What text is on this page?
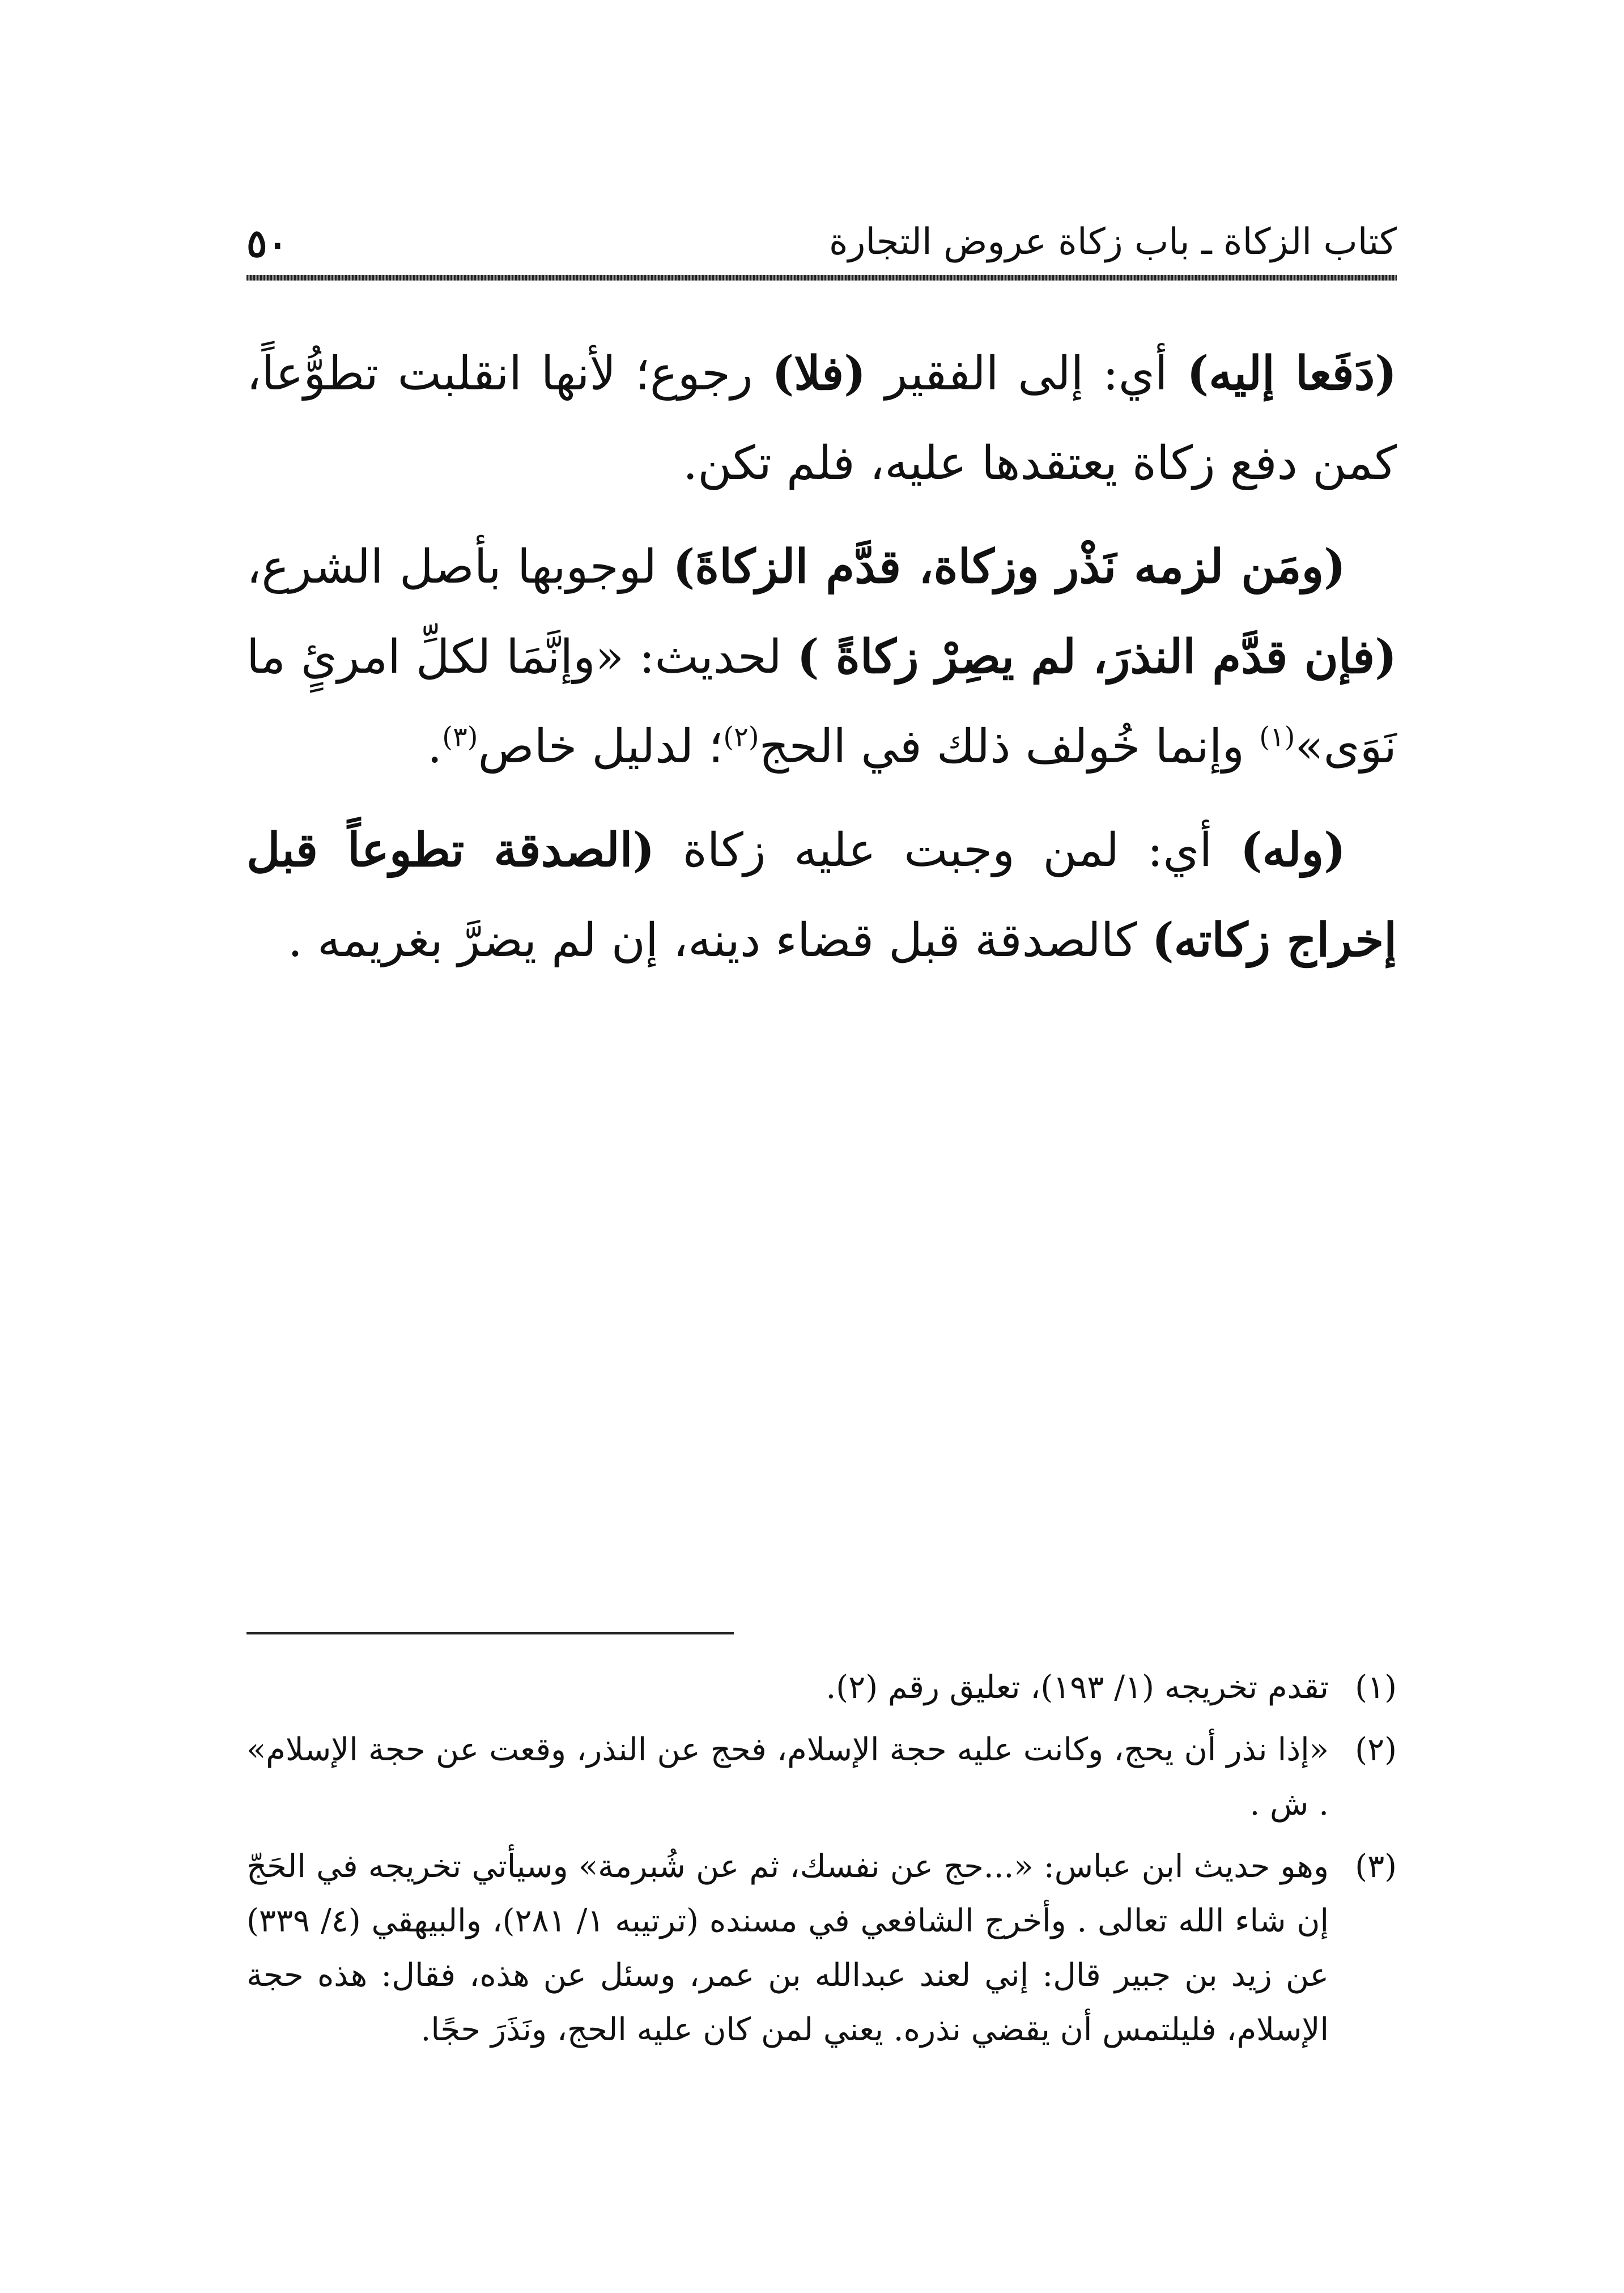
كتاب الزكاة ـ باب زكاة عروض التجارة
٥٠

(دَفَعا إليه) أي: إلى الفقير (فلا) رجوع؛ لأنها انقلبت تطوُّعاً، كمن دفع زكاة يعتقدها عليه، فلم تكن.

(ومَن لزمه نَذْر وزكاة، قدَّم الزكاةَ) لوجوبها بأصل الشرع، (فإن قدَّم النذرَ، لم يصِرْ زكاةً ) لحديث: «وإنَّمَا لكلِّ امرئٍ ما نَوَى»$^{(١)}$ وإنما خُولف ذلك في الحج$^{(٢)}$؛ لدليل خاص$^{(٣)}$.

(وله) أي: لمن وجبت عليه زكاة (الصدقة تطوعاً قبل إخراج زكاته) كالصدقة قبل قضاء دينه، إن لم يضرَّ بغريمه .

(١)
تقدم تخريجه (١/ ١٩٣)، تعليق رقم (٢).
(٢)
«إذا نذر أن يحج، وكانت عليه حجة الإسلام، فحج عن النذر، وقعت عن حجة الإسلام» . ش .
(٣)
وهو حديث ابن عباس: «...حج عن نفسك، ثم عن شُبرمة» وسيأتي تخريجه في الحَجّ إن شاء الله تعالى . وأخرج الشافعي في مسنده (ترتيبه ١/ ٢٨١)، والبيهقي (٤/ ٣٣٩) عن زيد بن جبير قال: إني لعند عبدالله بن عمر، وسئل عن هذه، فقال: هذه حجة الإسلام، فليلتمس أن يقضي نذره. يعني لمن كان عليه الحج، ونَذَرَ حجًا.
